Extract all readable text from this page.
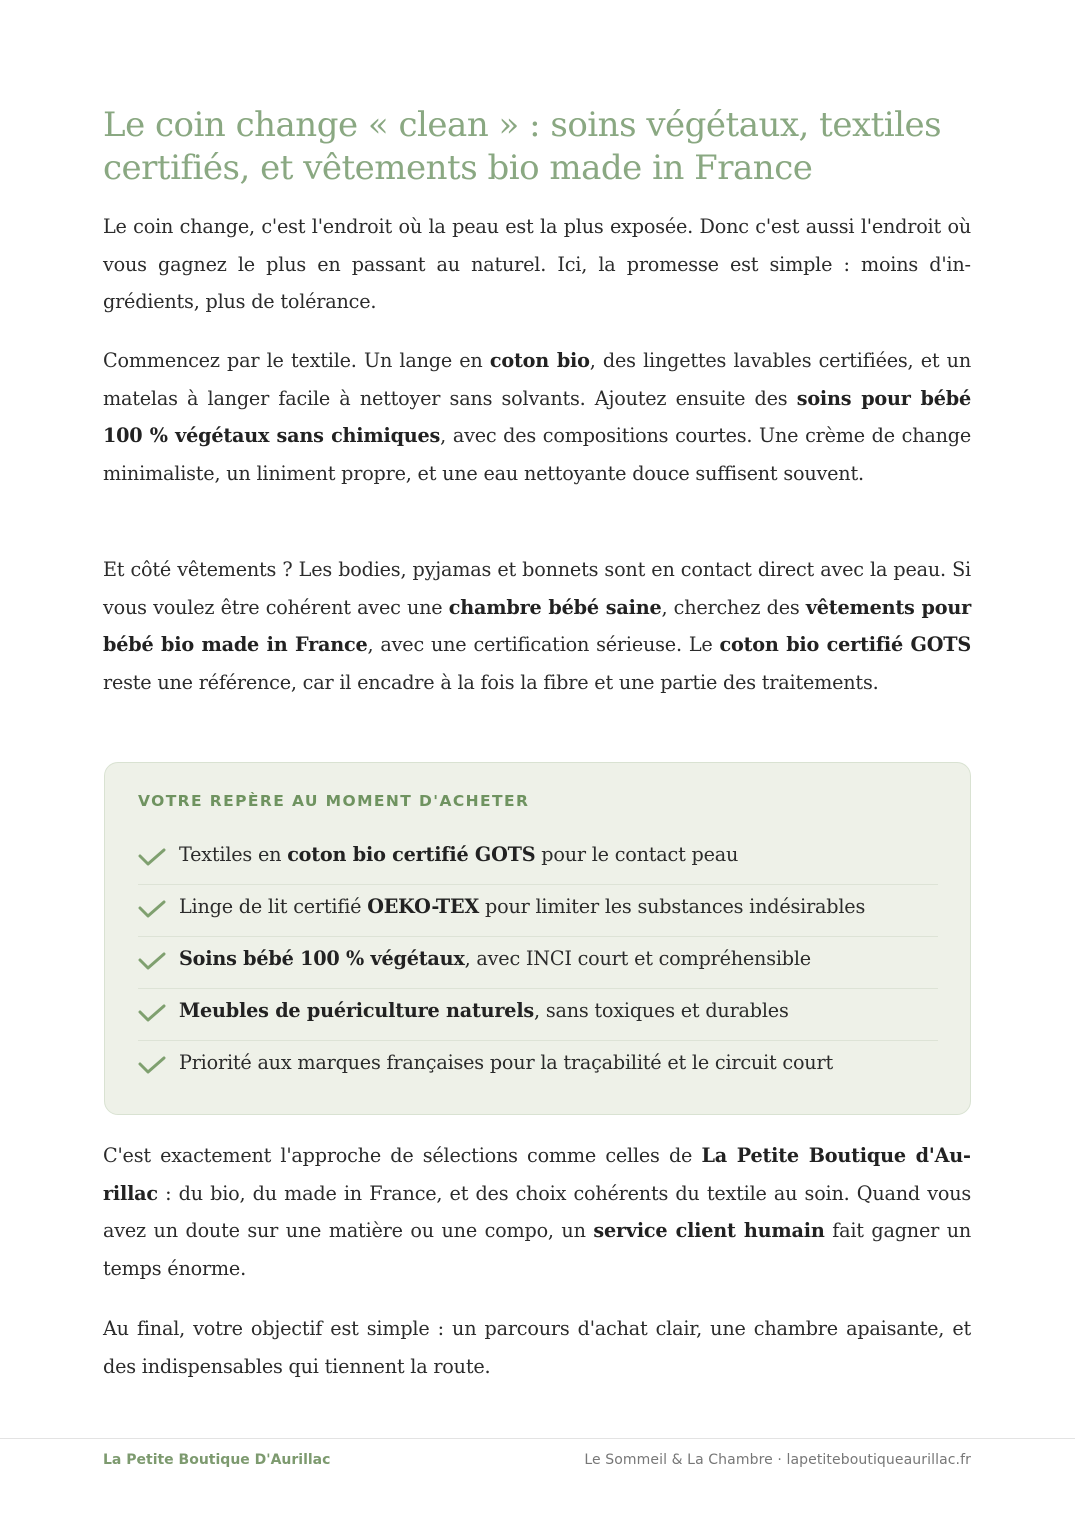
Le coin change « clean » : soins végétaux, textiles certifiés, et vêtements bio made in France

Le coin change, c'est l'endroit où la peau est la plus exposée. Donc c'est aussi l'endroit où vous gagnez le plus en passant au naturel. Ici, la promesse est simple : moins d'ingrédients, plus de tolérance.

Commencez par le textile. Un lange en coton bio, des lingettes lavables certifiées, et un matelas à langer facile à nettoyer sans solvants. Ajoutez ensuite des soins pour bébé 100 % végétaux sans chimiques, avec des compositions courtes. Une crème de change minimaliste, un liniment propre, et une eau nettoyante douce suffisent souvent.

Et côté vêtements ? Les bodies, pyjamas et bonnets sont en contact direct avec la peau. Si vous voulez être cohérent avec une chambre bébé saine, cherchez des vêtements pour bébé bio made in France, avec une certification sérieuse. Le coton bio certifié GOTS reste une référence, car il encadre à la fois la fibre et une partie des traitements.

VOTRE REPÈRE AU MOMENT D'ACHETER
Textiles en coton bio certifié GOTS pour le contact peau
Linge de lit certifié OEKO-TEX pour limiter les substances indésirables
Soins bébé 100 % végétaux, avec INCI court et compréhensible
Meubles de puériculture naturels, sans toxiques et durables
Priorité aux marques françaises pour la traçabilité et le circuit court

C'est exactement l'approche de sélections comme celles de La Petite Boutique d'Aurillac : du bio, du made in France, et des choix cohérents du textile au soin. Quand vous avez un doute sur une matière ou une compo, un service client humain fait gagner un temps énorme.

Au final, votre objectif est simple : un parcours d'achat clair, une chambre apaisante, et des indispensables qui tiennent la route.

La Petite Boutique D'Aurillac	Le Sommeil & La Chambre · lapetiteboutiqueaurillac.fr
